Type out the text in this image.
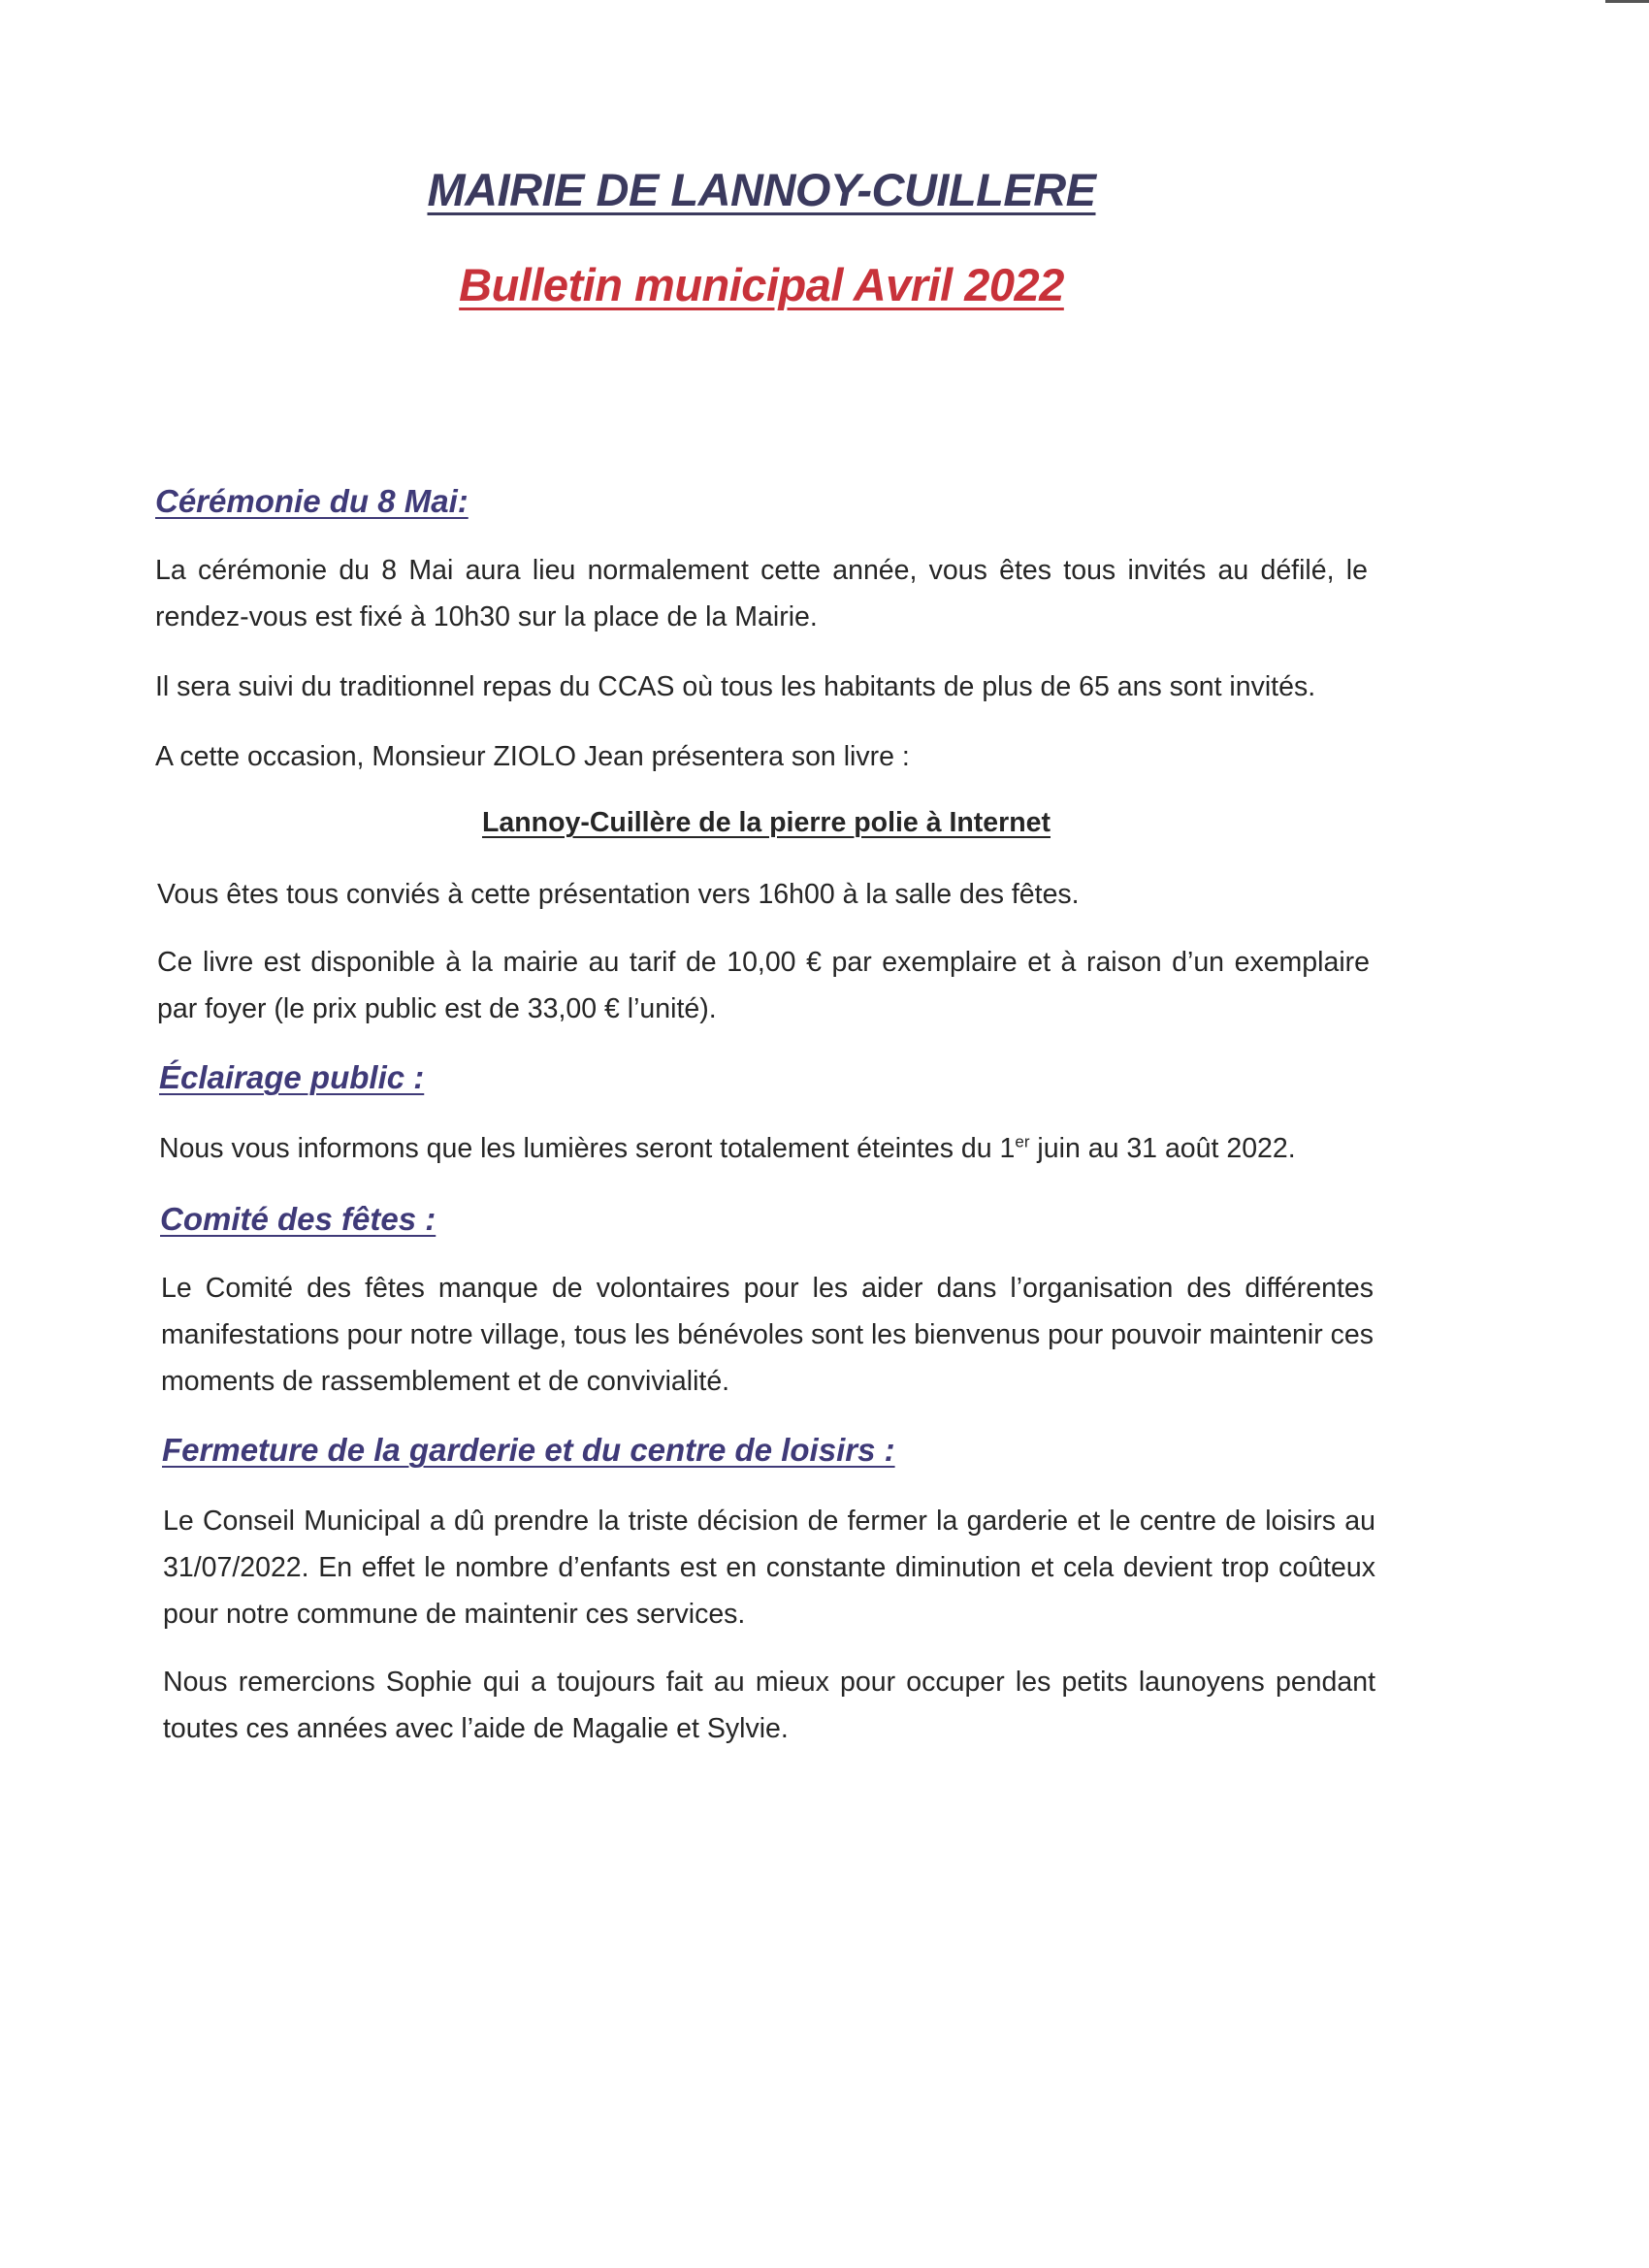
MAIRIE DE LANNOY-CUILLERE
Bulletin municipal Avril 2022
Cérémonie du 8 Mai:

La cérémonie du 8 Mai aura lieu normalement cette année, vous êtes tous invités au défilé, le rendez-vous est fixé à 10h30 sur la place de la Mairie.

Il sera suivi du traditionnel repas du CCAS où tous les habitants de plus de 65 ans sont invités.

A cette occasion, Monsieur ZIOLO Jean présentera son livre :

Lannoy-Cuillère de la pierre polie à Internet

Vous êtes tous conviés à cette présentation vers 16h00 à la salle des fêtes.

Ce livre est disponible à la mairie au tarif de 10,00 € par exemplaire et à raison d’un exemplaire par foyer (le prix public est de 33,00 € l’unité).

Éclairage public :

Nous vous informons que les lumières seront totalement éteintes du 1er juin au 31 août 2022.

Comité des fêtes :

Le Comité des fêtes manque de volontaires pour les aider dans l’organisation des différentes manifestations pour notre village, tous les bénévoles sont les bienvenus pour pouvoir maintenir ces moments de rassemblement et de convivialité.

Fermeture de la garderie et du centre de loisirs :

Le Conseil Municipal a dû prendre la triste décision de fermer la garderie et le centre de loisirs au 31/07/2022. En effet le nombre d’enfants est en constante diminution et cela devient trop coûteux pour notre commune de maintenir ces services.

Nous remercions Sophie qui a toujours fait au mieux pour occuper les petits launoyens pendant toutes ces années avec l’aide de Magalie et Sylvie.
